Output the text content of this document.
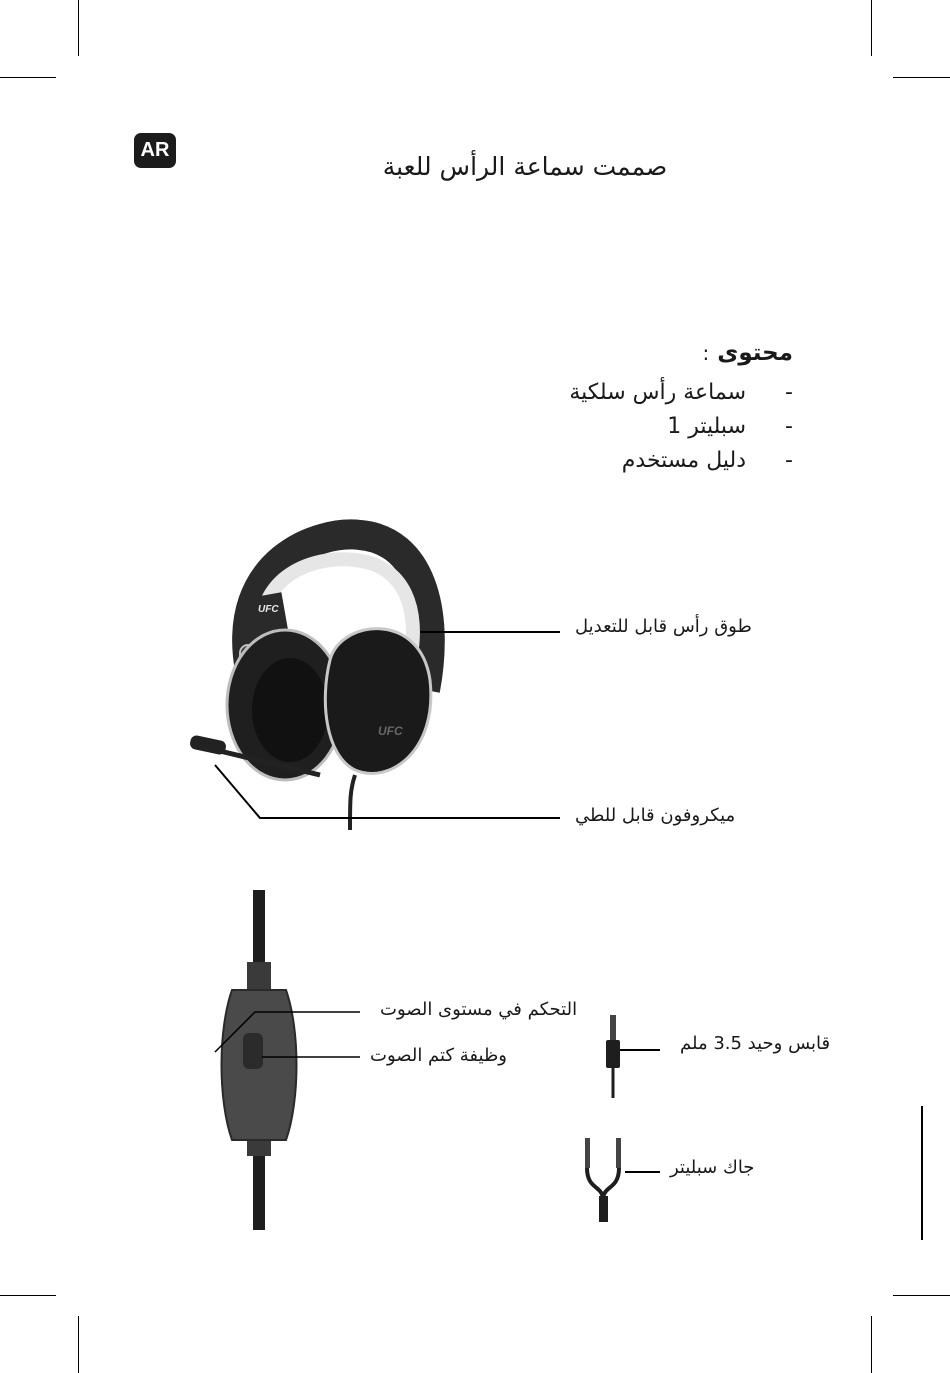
AR
صممت سماعة الرأس للعبة
محتوى :
- سماعة رأس سلكية
- سبليتر 1
- دليل مستخدم
UFC
UFC
طوق رأس قابل للتعديل
ميكروفون قابل للطي
التحكم في مستوى الصوت
وظيفة كتم الصوت
قابس وحيد 3.5 ملم
جاك سبليتر
